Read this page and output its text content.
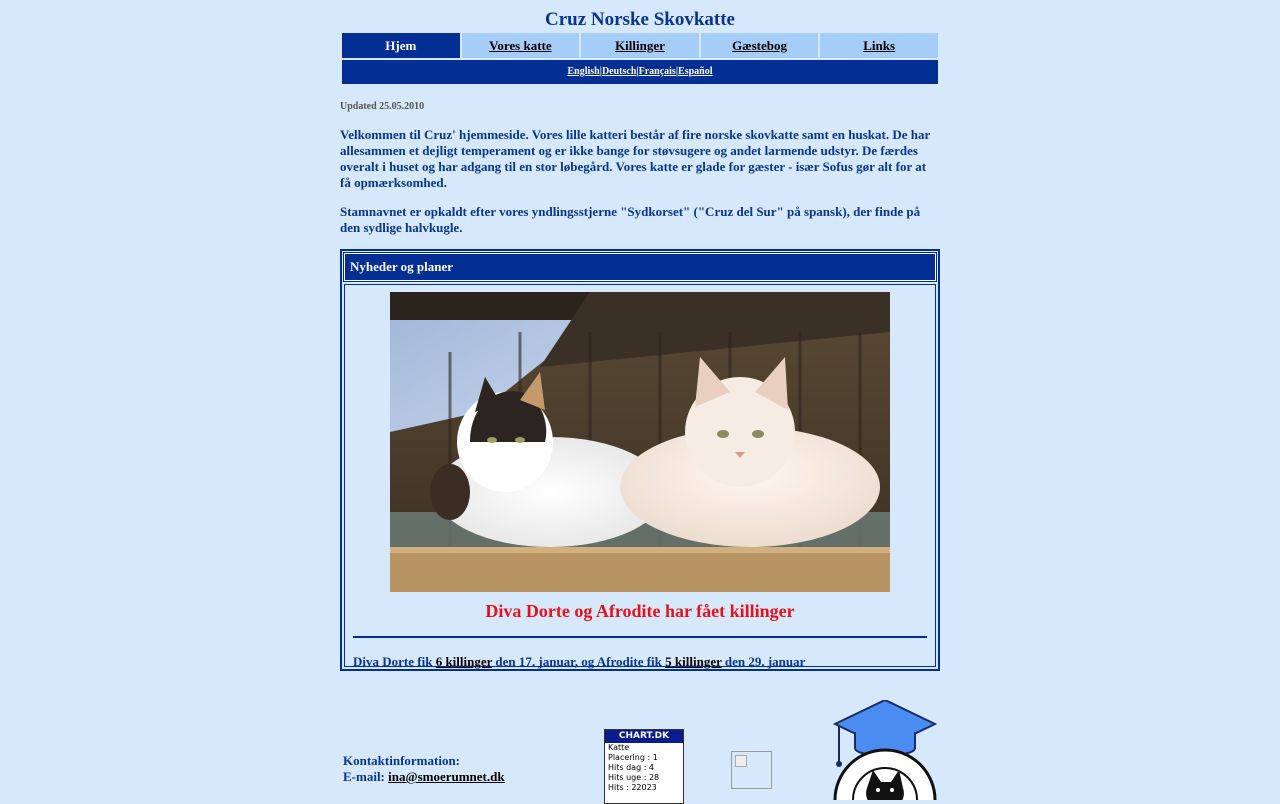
Cruz Norske Skovkatte
Hjem	Vores katte	Killinger	Gæstebog	Links
English|Deutsch|Français|Español
Updated 25.05.2010

Velkommen til Cruz' hjemmeside. Vores lille katteri består af fire norske skovkatte samt en huskat. De har allesammen et dejligt temperament og er ikke bange for støvsugere og andet larmende udstyr. De færdes overalt i huset og har adgang til en stor løbegård. Vores katte er glade for gæster - især Sofus gør alt for at få opmærksomhed.

Stamnavnet er opkaldt efter vores yndlingsstjerne "Sydkorset" ("Cruz del Sur" på spansk), der finde på den sydlige halvkugle.

Nyheder og planer
Diva Dorte og Afrodite har fået killinger
Diva Dorte fik 6 killinger den 17. januar, og Afrodite fik 5 killinger den 29. januar
Kontaktinformation:
E-mail: ina@smoerumnet.dk
CHART.DK
Katte
Placering : 1
Hits dag : 4
Hits uge : 28
Hits : 22023
